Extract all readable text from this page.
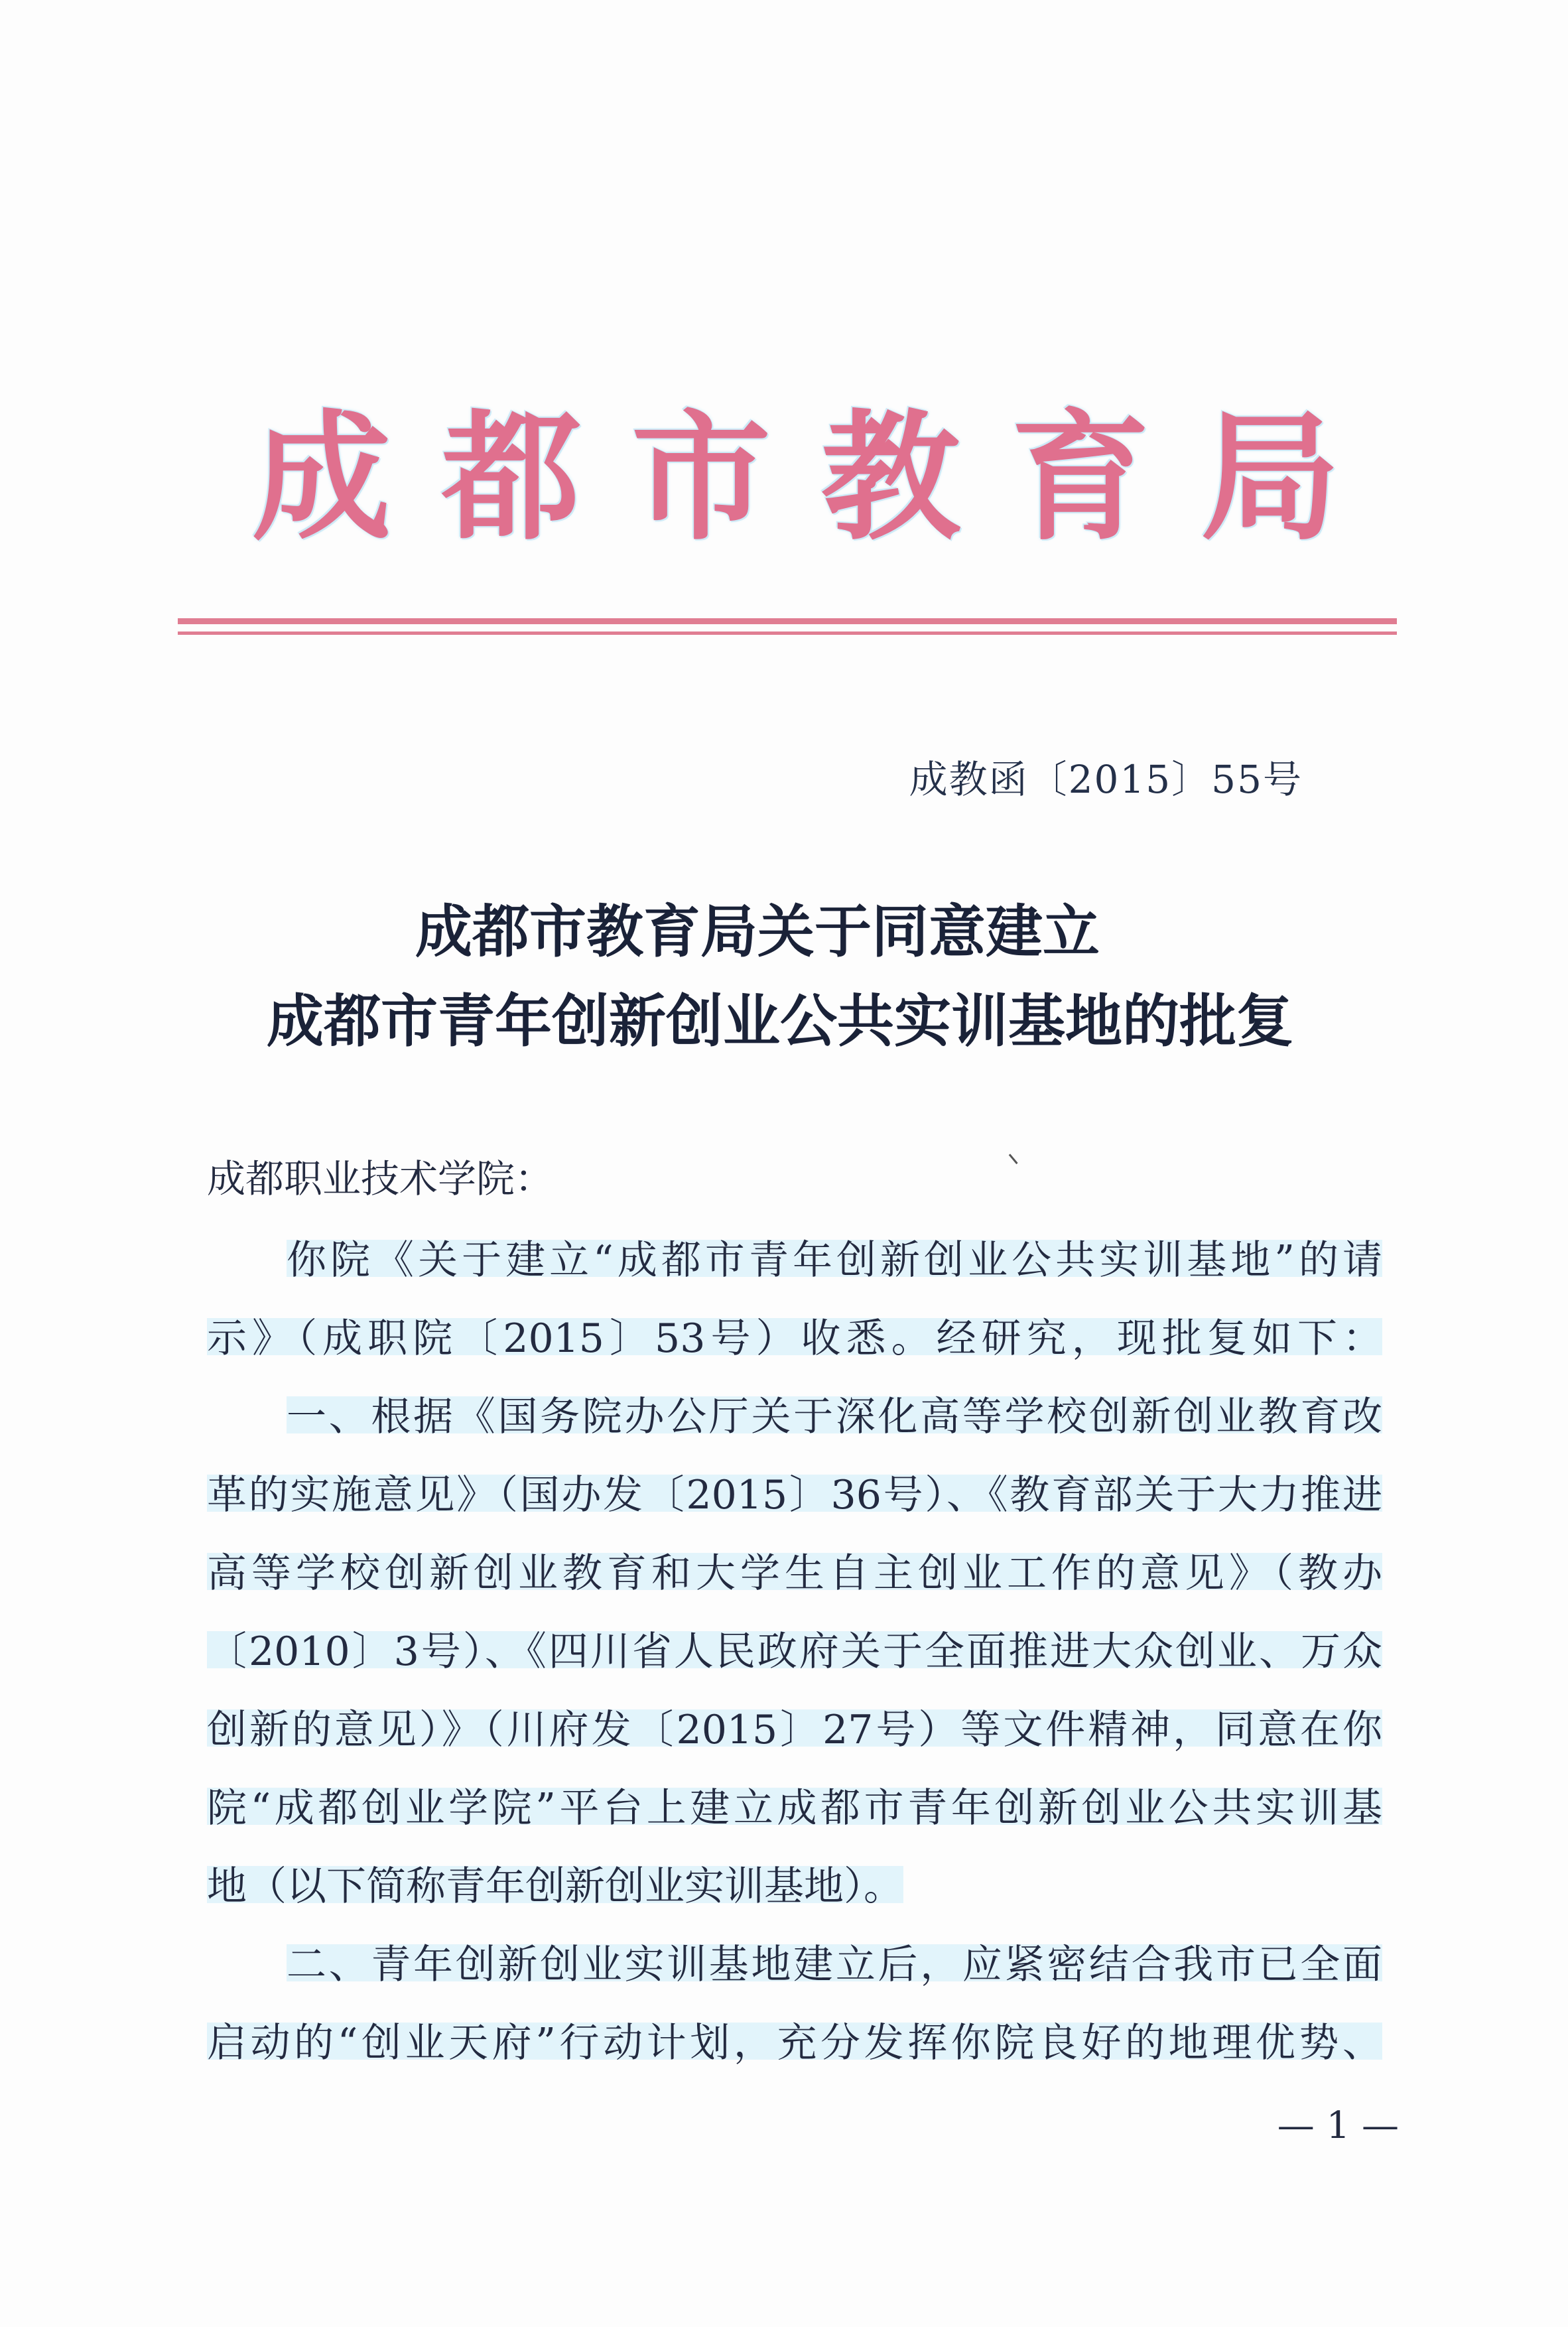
成 都 市 教 育 局
成教函〔2015〕55号
成都市教育局关于同意建立
成都市青年创新创业公共实训基地的批复
成都职业技术学院：
你院《关于建立“成都市青年创新创业公共实训基地”的请
示》（成职院〔2015〕53号）收悉。经研究，现批复如下：
一、根据《国务院办公厅关于深化高等学校创新创业教育改
革的实施意见》（国办发〔2015〕36号）、《教育部关于大力推进
高等学校创新创业教育和大学生自主创业工作的意见》（教办
〔2010〕3号）、《四川省人民政府关于全面推进大众创业、万众
创新的意见）》（川府发〔2015〕27号）等文件精神，同意在你
院“成都创业学院”平台上建立成都市青年创新创业公共实训基
地（以下简称青年创新创业实训基地）。
二、青年创新创业实训基地建立后，应紧密结合我市已全面
启动的“创业天府”行动计划，充分发挥你院良好的地理优势、
— 1 —
